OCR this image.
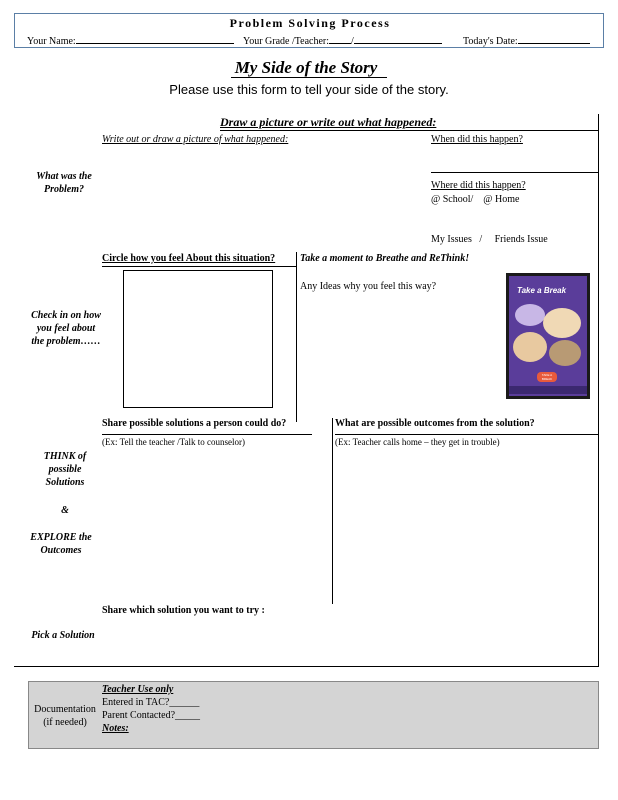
Problem Solving Process
Your Name:	Your Grade /Teacher: /	Today's Date:
My Side of the Story
Please use this form to tell your side of the story.
Draw a picture or write out what happened:
What was the Problem?
Write out or draw a picture of what happened:	When did this happen?
Where did this happen?
@ School/    @ Home
My Issues   /     Friends Issue
Circle how you feel About this situation? Take a moment to Breathe and ReThink!
Any Ideas why you feel this way?
Check in on how you feel about the problem……
Take a Break
TAKE A BREAK
Share possible solutions a person could do?
(Ex: Tell the teacher /Talk to counselor)
What are possible outcomes from the solution?
(Ex: Teacher calls home – they get in trouble)
THINK of possible Solutions
&
EXPLORE the Outcomes
Share which solution you want to try :
Pick a Solution
Documentation (if needed)
Teacher Use only
Entered in TAC?______
Parent Contacted?_____
Notes:
